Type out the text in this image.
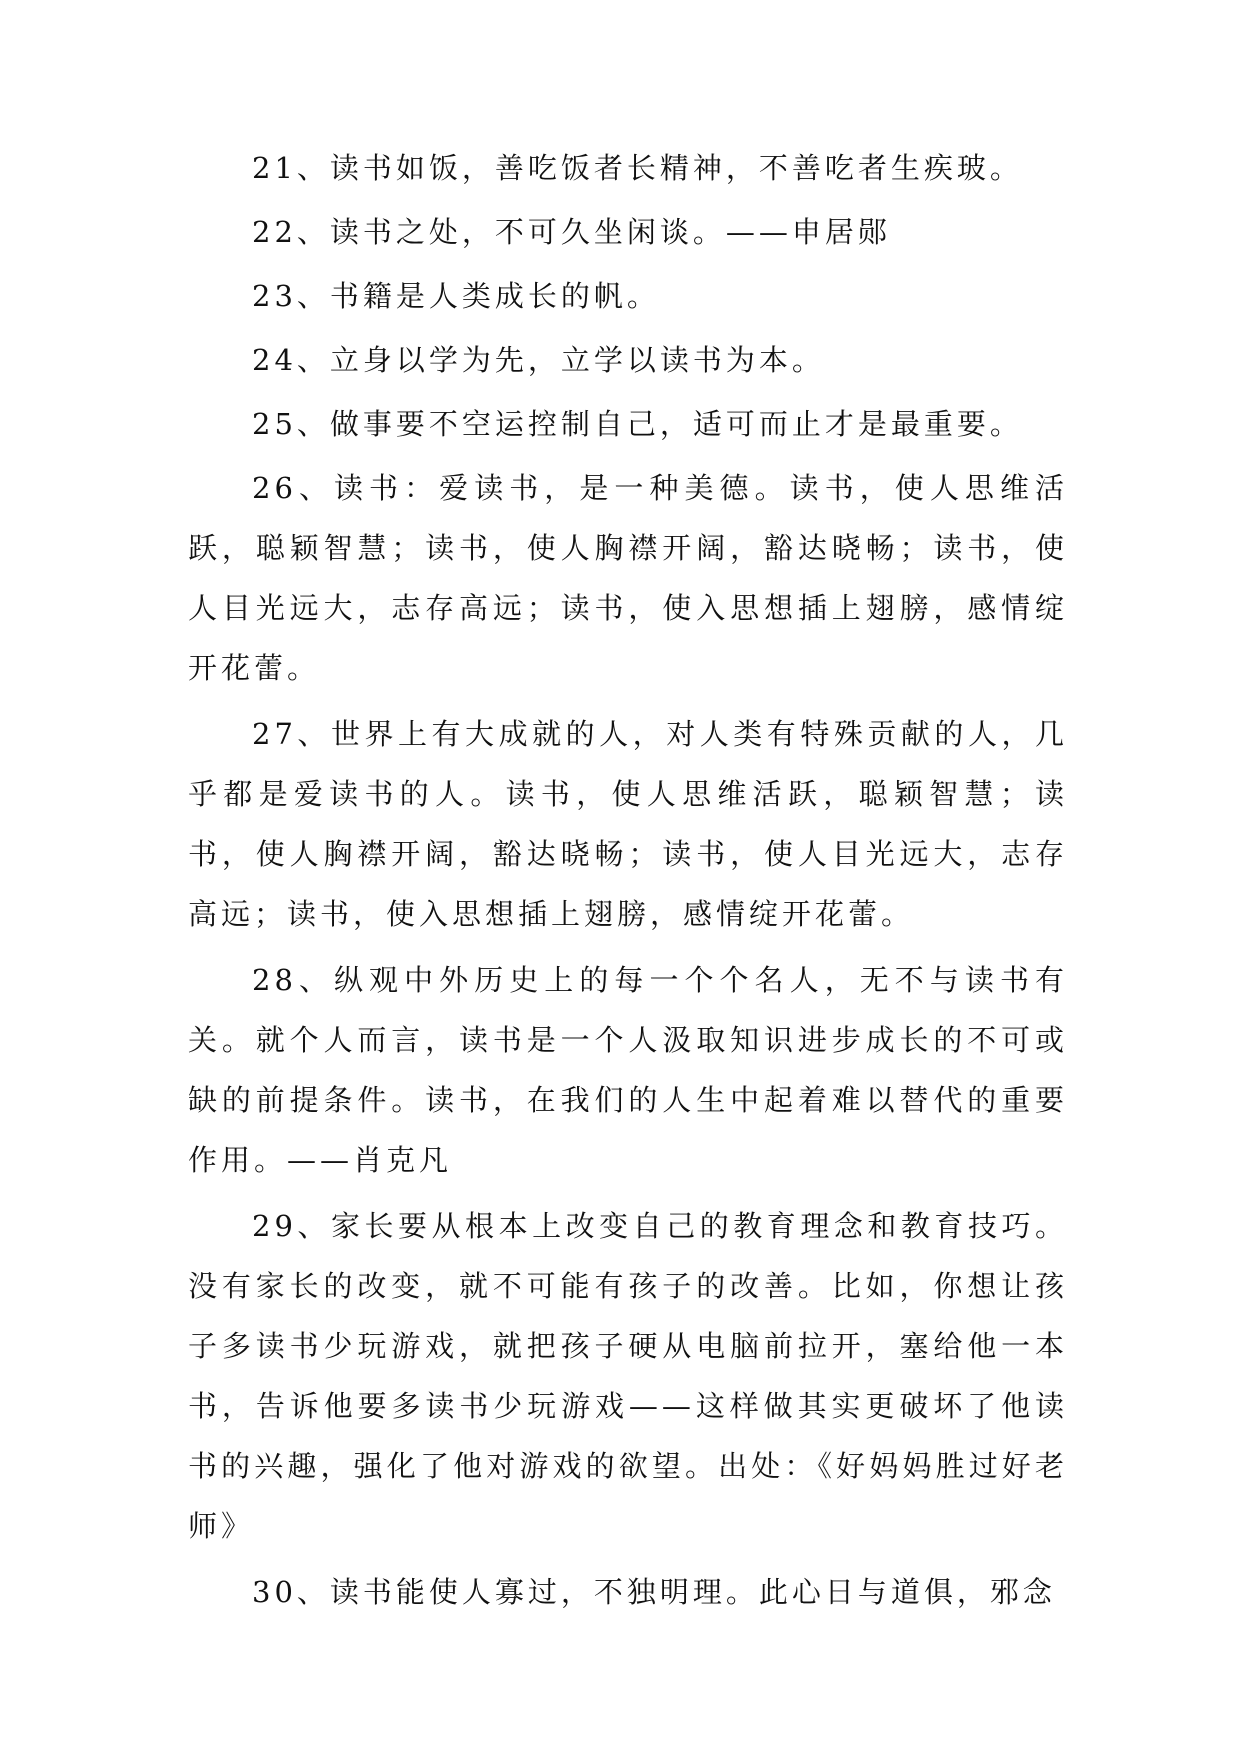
21、读书如饭，善吃饭者长精神，不善吃者生疾玻。

22、读书之处，不可久坐闲谈。——申居郧

23、书籍是人类成长的帆。

24、立身以学为先，立学以读书为本。

25、做事要不空运控制自己，适可而止才是最重要。

26、读书：爱读书，是一种美德。读书，使人思维活跃，聪颖智慧；读书，使人胸襟开阔，豁达晓畅；读书，使人目光远大，志存高远；读书，使入思想插上翅膀，感情绽开花蕾。

27、世界上有大成就的人，对人类有特殊贡献的人，几乎都是爱读书的人。读书，使人思维活跃，聪颖智慧；读书，使人胸襟开阔，豁达晓畅；读书，使人目光远大，志存高远；读书，使入思想插上翅膀，感情绽开花蕾。

28、纵观中外历史上的每一个个名人，无不与读书有关。就个人而言，读书是一个人汲取知识进步成长的不可或缺的前提条件。读书，在我们的人生中起着难以替代的重要作用。——肖克凡

29、家长要从根本上改变自己的教育理念和教育技巧。没有家长的改变，就不可能有孩子的改善。比如，你想让孩子多读书少玩游戏，就把孩子硬从电脑前拉开，塞给他一本书，告诉他要多读书少玩游戏——这样做其实更破坏了他读书的兴趣，强化了他对游戏的欲望。出处：《好妈妈胜过好老师》

30、读书能使人寡过，不独明理。此心日与道俱，邪念
